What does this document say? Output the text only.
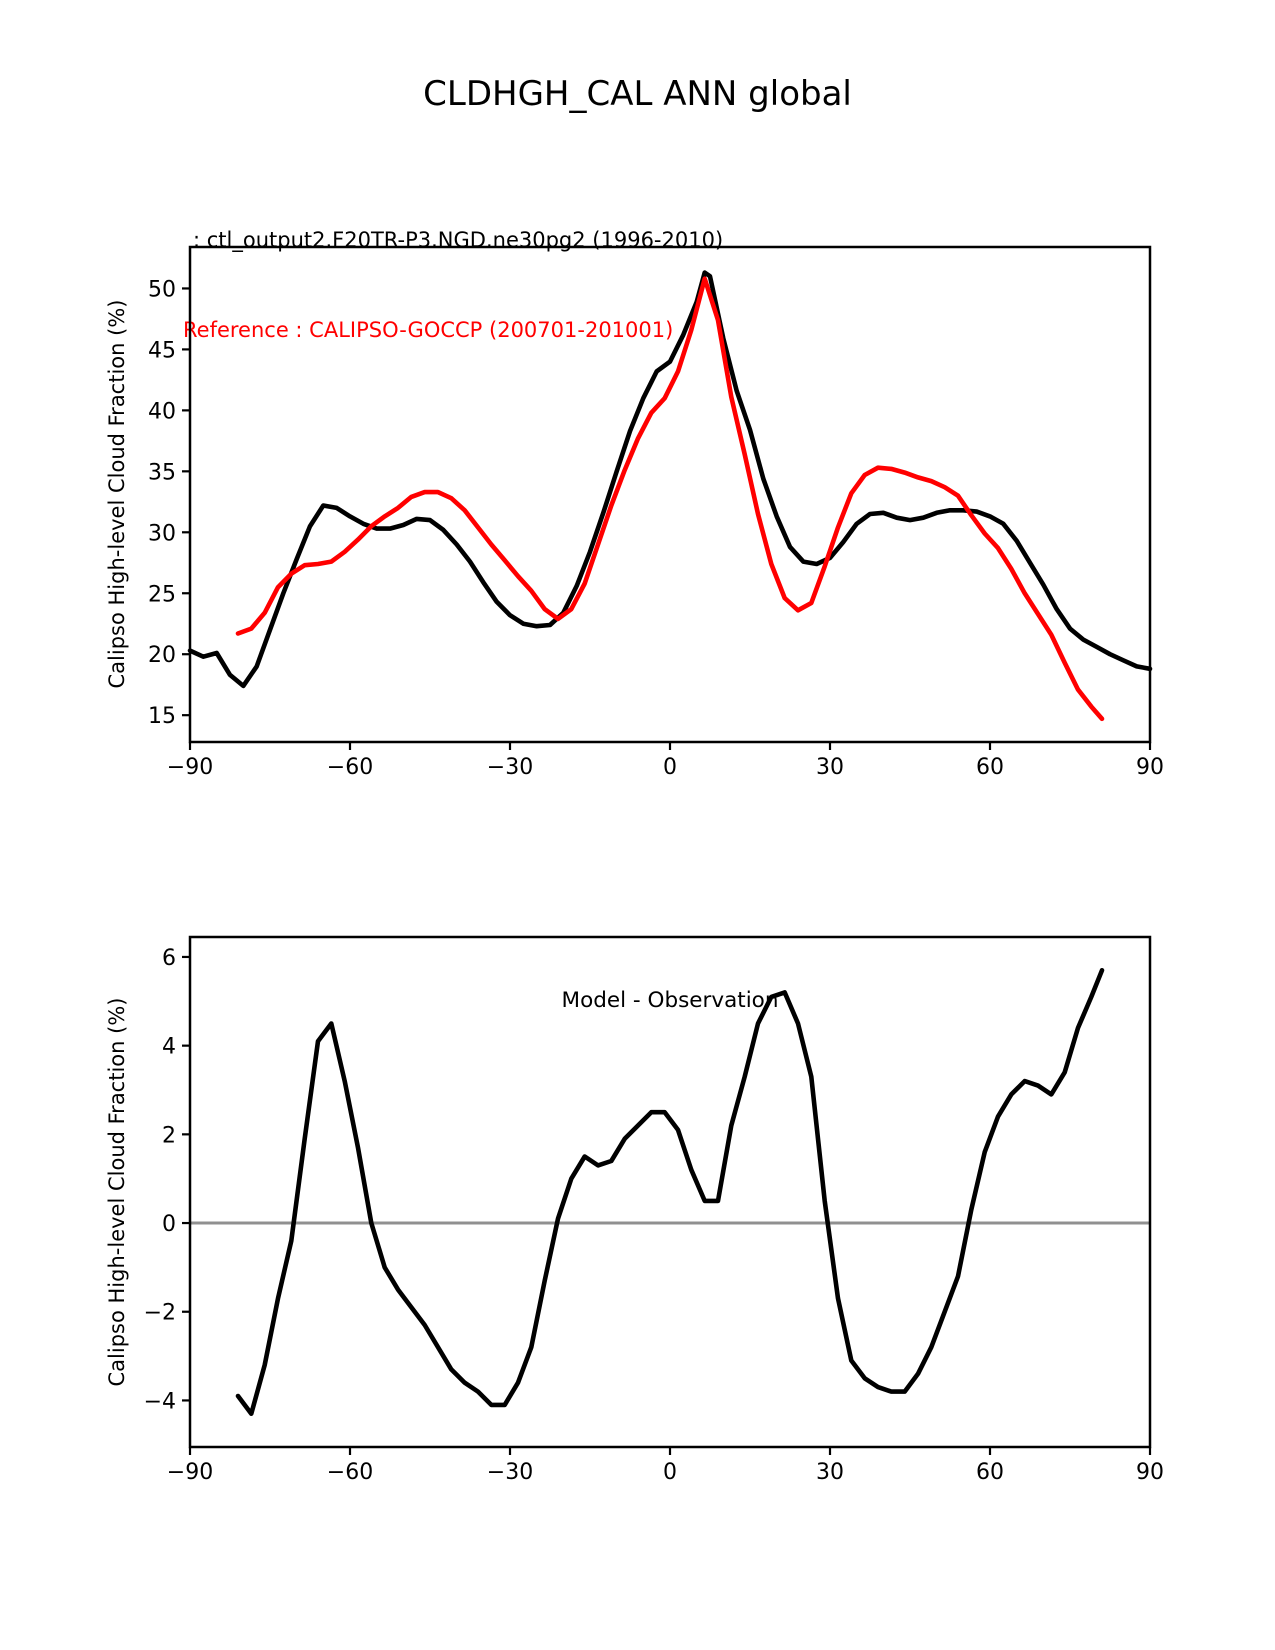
CLDHGH_CAL ANN global

: ctl_output2.F20TR-P3.NGD.ne30pg2 (1996-2010)

Reference : CALIPSO-GOCCP (200701-201001)

Calipso High-level Cloud Fraction (%)
Model - Observation
Calipso High-level Cloud Fraction (%)
−90	−60	−30	0	30	60	90
15
20
25
30
35
40
45
50
−90	−60	−30	0	30	60	90
−4
−2
0
2
4
6
